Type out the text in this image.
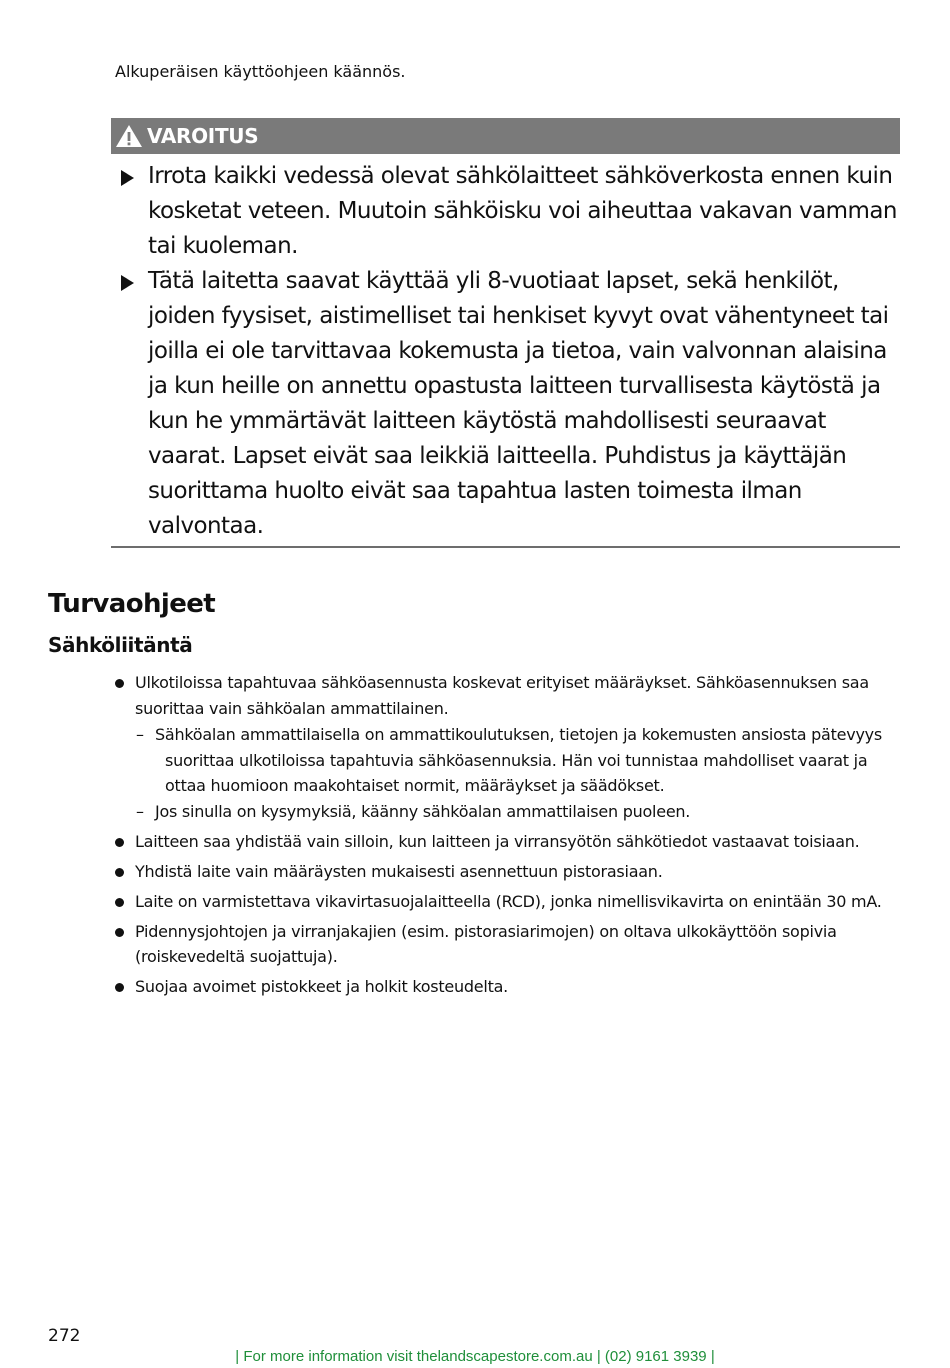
Alkuperäisen käyttöohjeen käännös.

VAROITUS
Irrota kaikki vedessä olevat sähkölaitteet sähköverkosta ennen kuin kosketat veteen. Muutoin sähköisku voi aiheuttaa vakavan vamman tai kuoleman.
Tätä laitetta saavat käyttää yli 8-vuotiaat lapset, sekä henkilöt, joiden fyysiset, aistimelliset tai henkiset kyvyt ovat vähentyneet tai joilla ei ole tarvittavaa kokemusta ja tietoa, vain valvonnan alaisina ja kun heille on annettu opastusta laitteen turvallisesta käytöstä ja kun he ymmärtävät laitteen käytöstä mahdollisesti seuraavat vaarat. Lapset eivät saa leikkiä laitteella. Puhdistus ja käyttäjän suorittama huolto eivät saa tapahtua lasten toimesta ilman valvontaa.
Turvaohjeet
Sähköliitäntä
Ulkotiloissa tapahtuvaa sähköasennusta koskevat erityiset määräykset. Sähköasennuksen saa suorittaa vain sähköalan ammattilainen.
– Sähköalan ammattilaisella on ammattikoulutuksen, tietojen ja kokemusten ansiosta pätevyys suorittaa ulkotiloissa tapahtuvia sähköasennuksia. Hän voi tunnistaa mahdolliset vaarat ja ottaa huomioon maakohtaiset normit, määräykset ja säädökset.
– Jos sinulla on kysymyksiä, käänny sähköalan ammattilaisen puoleen.
Laitteen saa yhdistää vain silloin, kun laitteen ja virransyötön sähkötiedot vastaavat toisiaan.
Yhdistä laite vain määräysten mukaisesti asennettuun pistorasiaan.
Laite on varmistettava vikavirtasuojalaitteella (RCD), jonka nimellisvikavirta on enintään 30 mA.
Pidennysjohtojen ja virranjakajien (esim. pistorasiarimojen) on oltava ulkokäyttöön sopivia (roiskevedeltä suojattuja).
Suojaa avoimet pistokkeet ja holkit kosteudelta.

272

| For more information visit thelandscapestore.com.au | (02) 9161 3939 |
